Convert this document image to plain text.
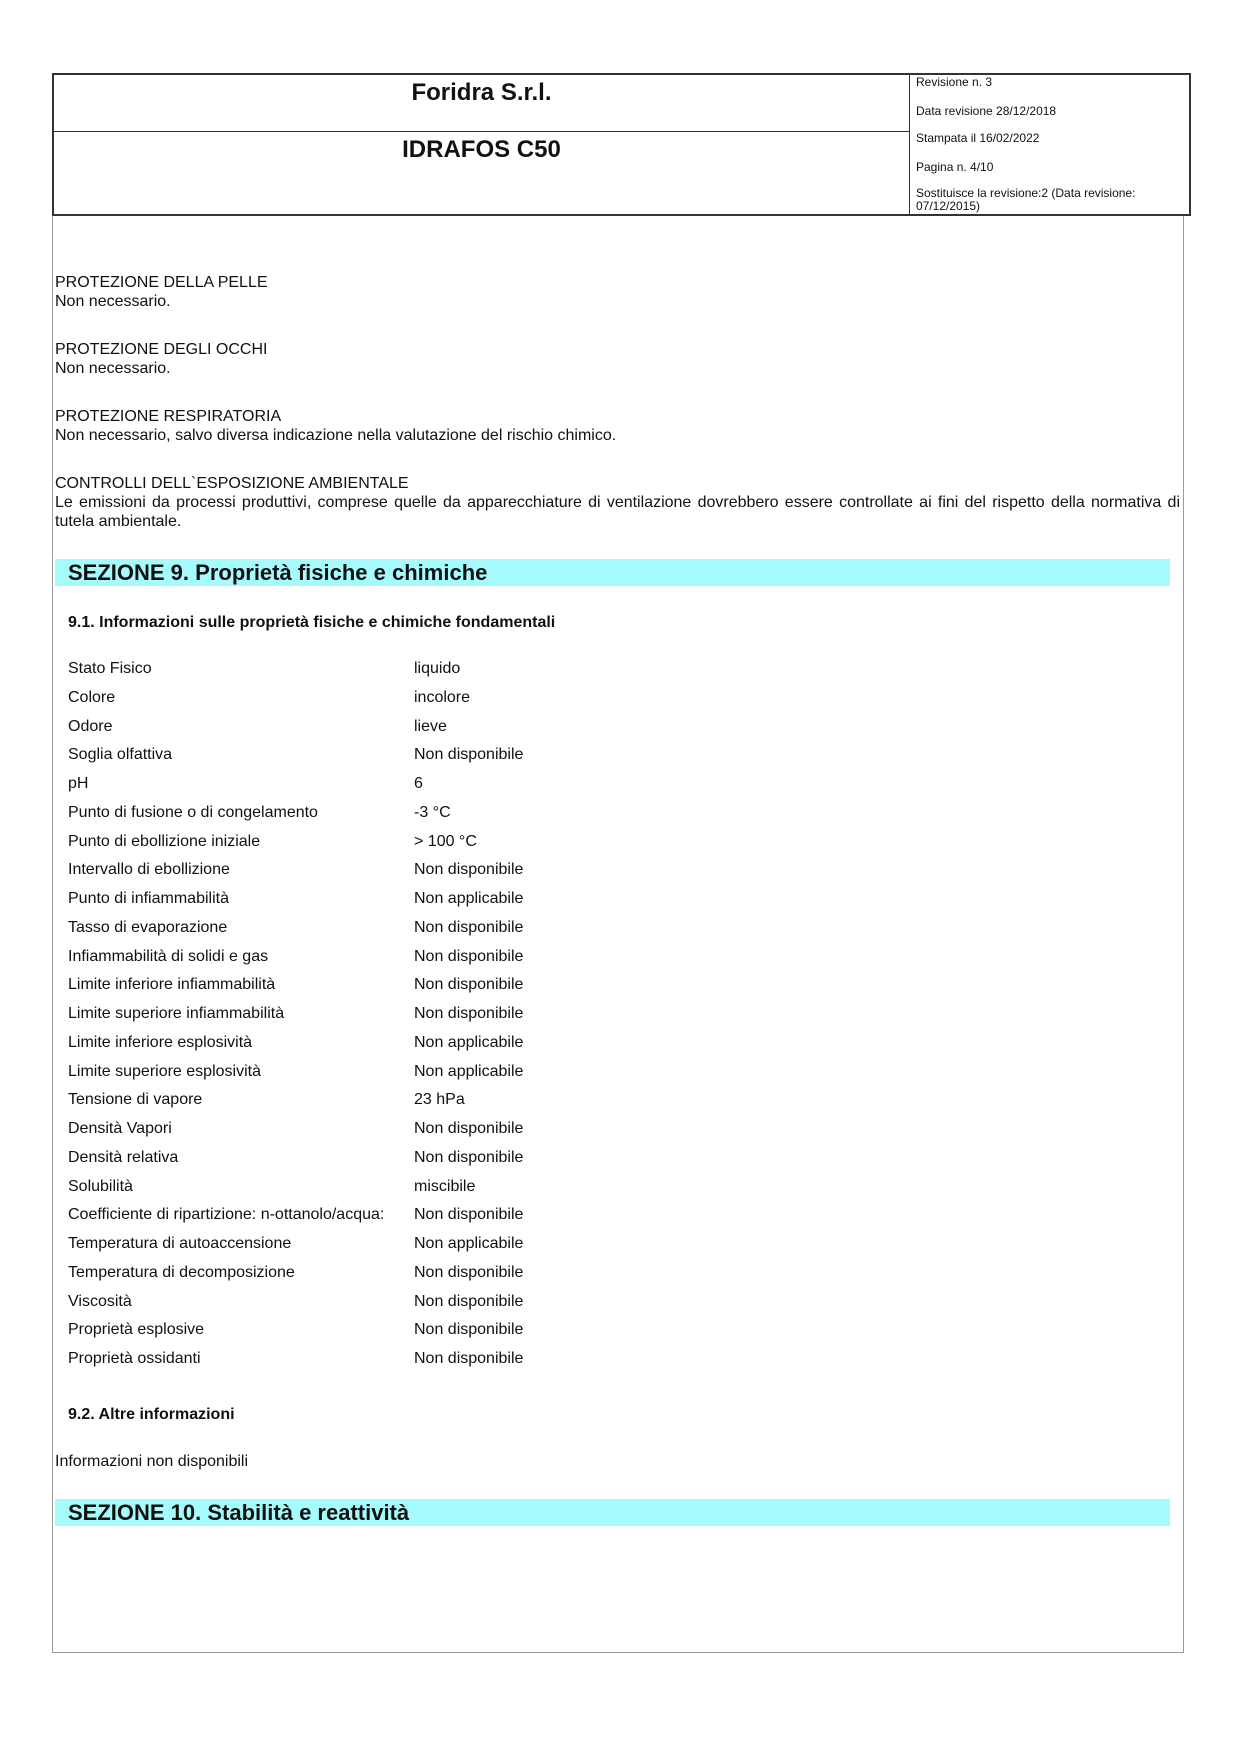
Foridra S.r.l.
IDRAFOS C50
Revisione n. 3
Data revisione 28/12/2018
Stampata il 16/02/2022
Pagina n. 4/10
Sostituisce la revisione:2 (Data revisione: 07/12/2015)
PROTEZIONE DELLA PELLE
Non necessario.
PROTEZIONE DEGLI OCCHI
Non necessario.
PROTEZIONE RESPIRATORIA
Non necessario, salvo diversa indicazione nella valutazione del rischio chimico.
CONTROLLI DELL`ESPOSIZIONE AMBIENTALE
Le emissioni da processi produttivi, comprese quelle da apparecchiature di ventilazione dovrebbero essere controllate ai fini del rispetto della normativa di tutela ambientale.
SEZIONE 9. Proprietà fisiche e chimiche
9.1. Informazioni sulle proprietà fisiche e chimiche fondamentali
Stato Fisico	liquido
Colore	incolore
Odore	lieve
Soglia olfattiva	Non disponibile
pH	6
Punto di fusione o di congelamento	-3 °C
Punto di ebollizione iniziale	> 100 °C
Intervallo di ebollizione	Non disponibile
Punto di infiammabilità	Non applicabile
Tasso di evaporazione	Non disponibile
Infiammabilità di solidi e gas	Non disponibile
Limite inferiore infiammabilità	Non disponibile
Limite superiore infiammabilità	Non disponibile
Limite inferiore esplosività	Non applicabile
Limite superiore esplosività	Non applicabile
Tensione di vapore	23 hPa
Densità Vapori	Non disponibile
Densità relativa	Non disponibile
Solubilità	miscibile
Coefficiente di ripartizione: n-ottanolo/acqua: Non disponibile
Temperatura di autoaccensione	Non applicabile
Temperatura di decomposizione	Non disponibile
Viscosità	Non disponibile
Proprietà esplosive	Non disponibile
Proprietà ossidanti	Non disponibile
9.2. Altre informazioni
Informazioni non disponibili
SEZIONE 10. Stabilità e reattività
